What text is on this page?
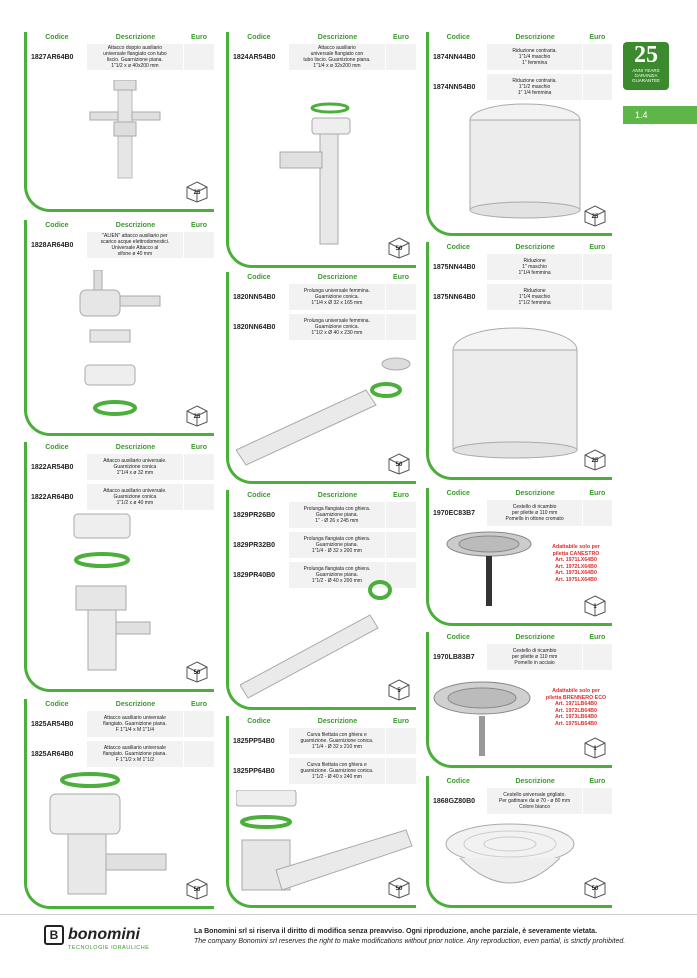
25
ANNI YEARS
GARANZIA
GUARANTEE
1.4
Codice	Descrizione	Euro
1827AR64B0
Attacco doppio ausiliario
universale flangiato con tubo
liscio. Guarnizione piana.
1"1/2 x ø 40x200 mm
25
Codice	Descrizione	Euro
1828AR64B0
"ALIEN" attacco ausiliario per
scarico acque elettrodomestici.
Universale Attacco al
sifone ø 40 mm
25
Codice	Descrizione	Euro
1822AR54B0
Attacco ausiliario universale.
Guarnizione conica
1"1/4 x ø 32 mm
1822AR64B0
Attacco ausiliario universale.
Guarnizione conica
1"1/2 x ø 40 mm
50
Codice	Descrizione	Euro
1825AR54B0
Attacco ausiliario universale
flangiato. Guarnizione piana.
F 1"1/4 x M 1"1/4
1825AR64B0
Attacco ausiliario universale
flangiato. Guarnizione piana.
F 1"1/2 x M 1"1/2
50
Codice	Descrizione	Euro
1824AR54B0
Attacco ausiliario
universale flangiato con
tubo liscio. Guarnizione piana.
1"1/4 x ø 32x200 mm
50
Codice	Descrizione	Euro
1820NN54B0
Prolunga universale femmina.
Guarnizione conica.
1"1/4 x Ø 32 x 165 mm
1820NN64B0
Prolunga universale femmina.
Guarnizione conica.
1"1/2 x Ø 40 x 230 mm
50
Codice	Descrizione	Euro
1829PR26B0
Prolunga flangiata con ghiera.
Guarnizione piana.
1" - Ø 26 x 245 mm
1829PR32B0
Prolunga flangiata con ghiera.
Guarnizione piana.
1"1/4 - Ø 32 x 200 mm
1829PR40B0
Prolunga flangiata con ghiera.
Guarnizione piana.
1"1/2 - Ø 40 x 200 mm
5
Codice	Descrizione	Euro
1825PP54B0
Curva filettata con ghiera e
guarnizione. Guarnizione conica.
1"1/4 - Ø 32 x 210 mm
1825PP64B0
Curva filettata con ghiera e
guarnizione. Guarnizione conica.
1"1/2 - Ø 40 x 240 mm
50
Codice	Descrizione	Euro
1874NN44B0
Riduzione contraria.
1"1/4 maschio
1" femmina
1874NN54B0
Riduzione contraria.
1"1/2 maschio
1" 1/4 femmina
25
Codice	Descrizione	Euro
1875NN44B0
Riduzione
1" maschio
1"1/4 femmina
1875NN64B0
Riduzione
1"1/4 maschio
1"1/2 femmina
25
Codice	Descrizione	Euro
1970EC83B7
Cestello di ricambio
per pilette ø 110 mm
Pomello in ottone cromato
1
Adattabile solo per
piletta CANESTRO
Art. 1971LX64B0
Art. 1972LX64B0
Art. 1973LX64B0
Art. 1975LX64B0
Codice	Descrizione	Euro
1970LB83B7
Cestello di ricambio
per pilette ø 110 mm
Pomello in acciaio
1
Adattabile solo per
piletta BRENNERO ECO
Art. 1971LB64B0
Art. 1972LB64B0
Art. 1973LB64B0
Art. 1975LB64B0
Codice	Descrizione	Euro
1868GZ80B0
Cestello universale grigliato.
Per gattinare da ø 70 - ø 80 mm
Colore bianco
50
B bonomini
TECNOLOGIE IDRAULICHE
La Bonomini srl si riserva il diritto di modifica senza preavviso. Ogni riproduzione, anche parziale, è severamente vietata.
The company Bonomini srl reserves the right to make modifications without prior notice. Any reproduction, even partial, is strictly prohibited.
